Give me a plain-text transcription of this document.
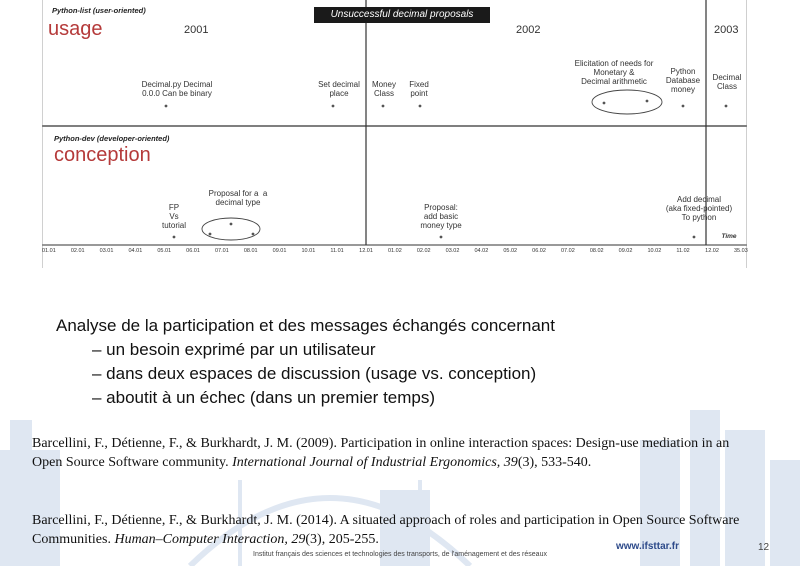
Unsuccessful decimal proposals
Python-list (user-oriented)
Python-dev (developer-oriented)
2001	2002	2003
Decimal.py Decimal
0.0.0 Can be binary
Set decimal
place
Money
Class
Fixed
point
Elicitation of needs for
Monetary &
Decimal arithmetic
Python
Database
money
Decimal
Class
FP
Vs
tutorial
Proposal for a  a
decimal type
Proposal:
add basic
money type
Add decimal
(aka fixed-pointed)
To python
Time
01.01	02.01	03.01	04.01	05.01	06.01	07.01	08.01	09.01	10.01	11.01	12.01	01.02	02.02	03.02	04.02	05.02	06.02	07.02	08.02	09.02	10.02	11.02	12.02	35.03
usage
conception
Analyse de la participation et des messages échangés concernant
– un besoin exprimé par un utilisateur
– dans deux espaces de discussion (usage vs. conception)
– aboutit à un échec (dans un premier temps)
Barcellini, F., Détienne, F., & Burkhardt, J. M. (2009). Participation in online interaction spaces: Design-use mediation in an Open Source Software community. International Journal of Industrial Ergonomics, 39(3), 533-540.
Barcellini, F., Détienne, F., & Burkhardt, J. M. (2014). A situated approach of roles and participation in Open Source Software Communities. Human–Computer Interaction, 29(3), 205-255.	www.ifsttar.fr	12
Institut français des sciences et technologies des transports, de l'aménagement et des réseaux
